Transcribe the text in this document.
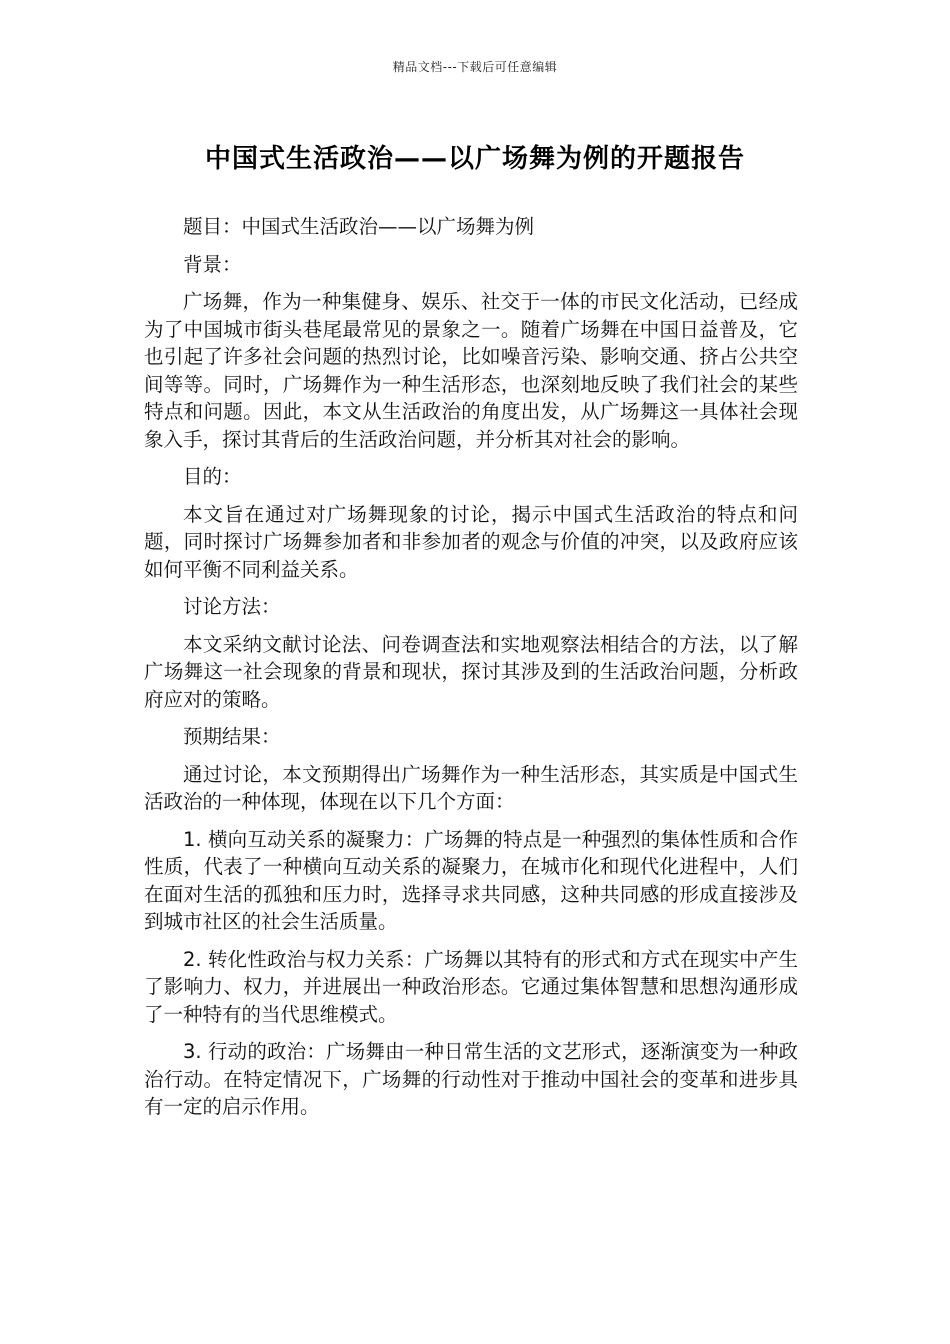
精品文档---下载后可任意编辑
中国式生活政治——以广场舞为例的开题报告

题目：中国式生活政治——以广场舞为例

背景：

广场舞，作为一种集健身、娱乐、社交于一体的市民文化活动，已经成为了中国城市街头巷尾最常见的景象之一。随着广场舞在中国日益普及，它也引起了许多社会问题的热烈讨论，比如噪音污染、影响交通、挤占公共空间等等。同时，广场舞作为一种生活形态，也深刻地反映了我们社会的某些特点和问题。因此，本文从生活政治的角度出发，从广场舞这一具体社会现象入手，探讨其背后的生活政治问题，并分析其对社会的影响。

目的：

本文旨在通过对广场舞现象的讨论，揭示中国式生活政治的特点和问题，同时探讨广场舞参加者和非参加者的观念与价值的冲突，以及政府应该如何平衡不同利益关系。

讨论方法：

本文采纳文献讨论法、问卷调查法和实地观察法相结合的方法，以了解广场舞这一社会现象的背景和现状，探讨其涉及到的生活政治问题，分析政府应对的策略。

预期结果：

通过讨论，本文预期得出广场舞作为一种生活形态，其实质是中国式生活政治的一种体现，体现在以下几个方面：

1. 横向互动关系的凝聚力：广场舞的特点是一种强烈的集体性质和合作性质，代表了一种横向互动关系的凝聚力，在城市化和现代化进程中，人们在面对生活的孤独和压力时，选择寻求共同感，这种共同感的形成直接涉及到城市社区的社会生活质量。

2. 转化性政治与权力关系：广场舞以其特有的形式和方式在现实中产生了影响力、权力，并进展出一种政治形态。它通过集体智慧和思想沟通形成了一种特有的当代思维模式。

3. 行动的政治：广场舞由一种日常生活的文艺形式，逐渐演变为一种政治行动。在特定情况下，广场舞的行动性对于推动中国社会的变革和进步具有一定的启示作用。
